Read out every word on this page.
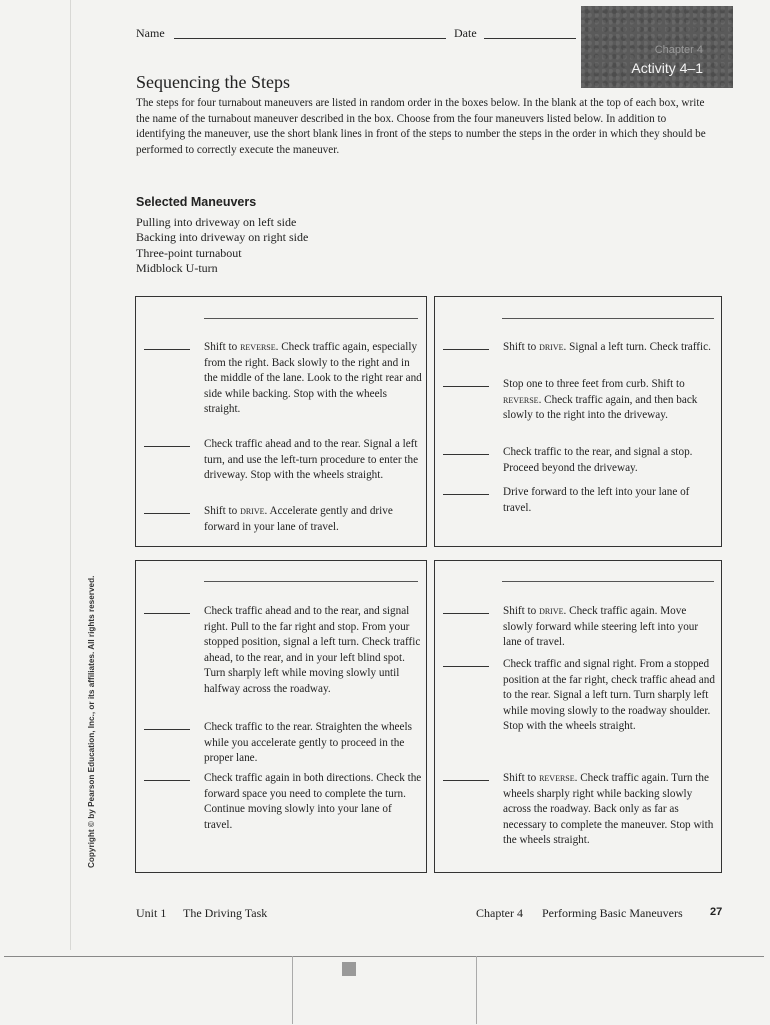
Name	Date
Chapter 4
Activity 4–1
Sequencing the Steps
The steps for four turnabout maneuvers are listed in random order in the boxes below. In the blank at the top of each box, write the name of the turnabout maneuver described in the box. Choose from the four maneuvers listed below. In addition to identifying the maneuver, use the short blank lines in front of the steps to number the steps in the order in which they should be performed to correctly execute the maneuver.
Selected Maneuvers
Pulling into driveway on left side
Backing into driveway on right side
Three-point turnabout
Midblock U-turn
Shift to reverse. Check traffic again, especially from the right. Back slowly to the right and in the middle of the lane. Look to the right rear and side while backing. Stop with the wheels straight.
Check traffic ahead and to the rear. Signal a left turn, and use the left-turn procedure to enter the driveway. Stop with the wheels straight.
Shift to drive. Accelerate gently and drive forward in your lane of travel.
Shift to drive. Signal a left turn. Check traffic.
Stop one to three feet from curb. Shift to reverse. Check traffic again, and then back slowly to the right into the driveway.
Check traffic to the rear, and signal a stop. Proceed beyond the driveway.
Drive forward to the left into your lane of travel.
Check traffic ahead and to the rear, and signal right. Pull to the far right and stop. From your stopped position, signal a left turn. Check traffic ahead, to the rear, and in your left blind spot. Turn sharply left while moving slowly until halfway across the roadway.
Check traffic to the rear. Straighten the wheels while you accelerate gently to proceed in the proper lane.
Check traffic again in both directions. Check the forward space you need to complete the turn. Continue moving slowly into your lane of travel.
Shift to drive. Check traffic again. Move slowly forward while steering left into your lane of travel.
Check traffic and signal right. From a stopped position at the far right, check traffic ahead and to the rear. Signal a left turn. Turn sharply left while moving slowly to the roadway shoulder. Stop with the wheels straight.
Shift to reverse. Check traffic again. Turn the wheels sharply right while backing slowly across the roadway. Back only as far as necessary to complete the maneuver. Stop with the wheels straight.
Copyright © by Pearson Education, Inc., or its affiliates. All rights reserved.
Unit 1 The Driving Task	Chapter 4 Performing Basic Maneuvers 27
